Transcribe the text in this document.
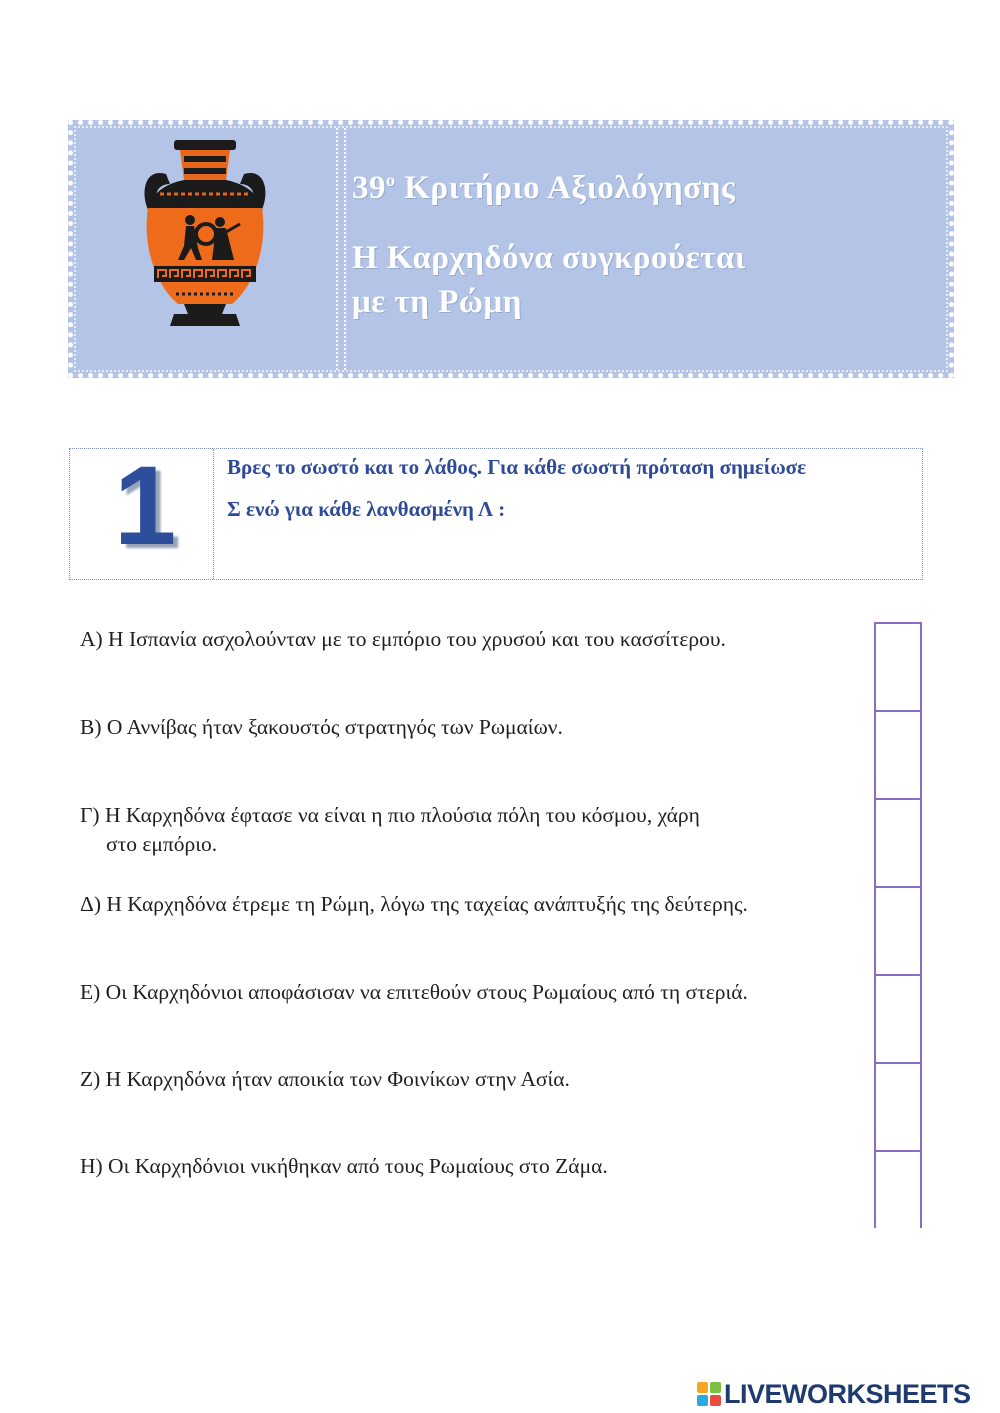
$39^o$ Κριτήριο Αξιολόγησης
Η Καρχηδόνα συγκρούεται
με τη Ρώμη
1	Βρες το σωστό και το λάθος. Για κάθε σωστή πρόταση σημείωσε
Σ ενώ για κάθε λανθασμένη Λ :
Α) Η Ισπανία ασχολούνταν με το εμπόριο του χρυσού και του κασσίτερου.
Β) Ο Αννίβας ήταν ξακουστός στρατηγός των Ρωμαίων.
Γ) Η Καρχηδόνα έφτασε να είναι η πιο πλούσια πόλη του κόσμου, χάρη
στο εμπόριο.
Δ) Η Καρχηδόνα έτρεμε τη Ρώμη, λόγω της ταχείας ανάπτυξής της δεύτερης.
Ε) Οι Καρχηδόνιοι αποφάσισαν να επιτεθούν στους Ρωμαίους από τη στεριά.
Ζ) Η Καρχηδόνα ήταν αποικία των Φοινίκων στην Ασία.
Η) Οι Καρχηδόνιοι νικήθηκαν από τους Ρωμαίους στο Ζάμα.
LIVEWORKSHEETS
